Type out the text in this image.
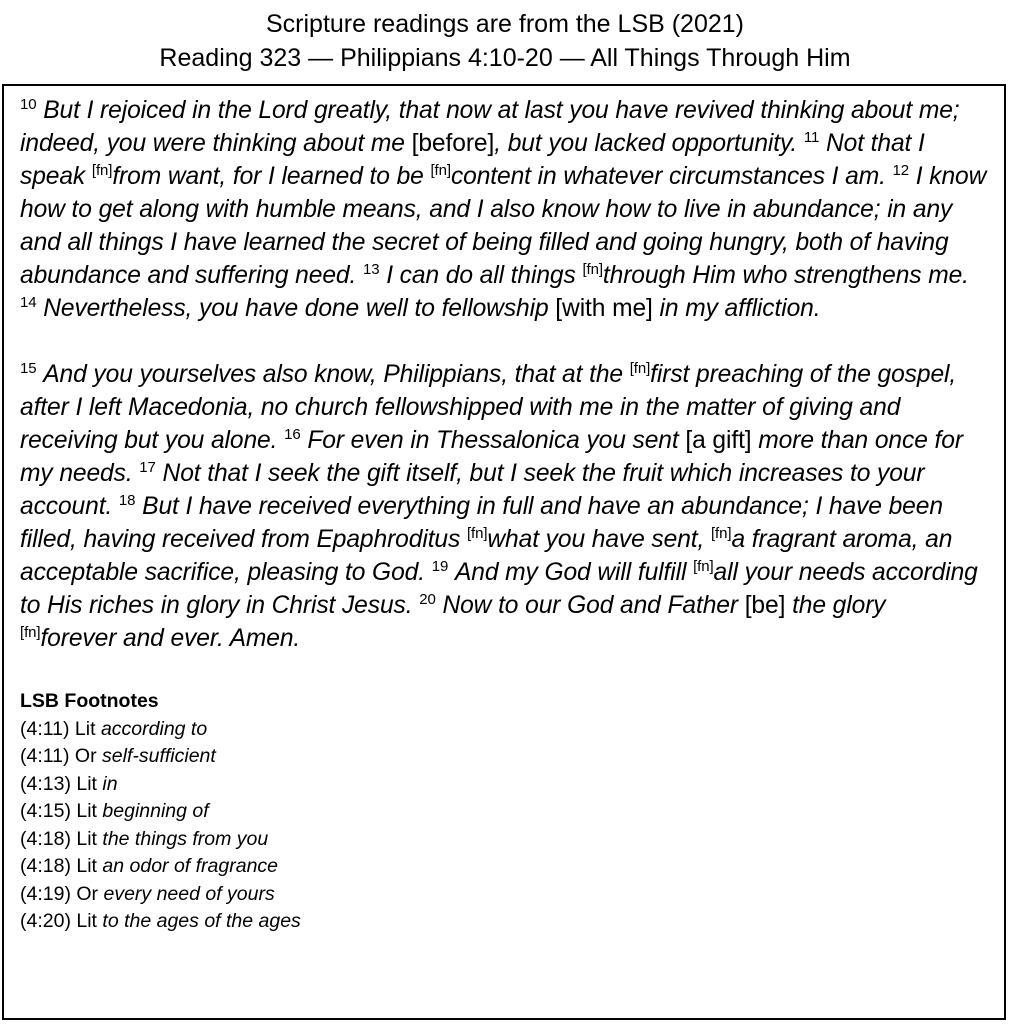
Scripture readings are from the LSB (2021)
Reading 323 — Philippians 4:10-20 — All Things Through Him

$^{10}$ But I rejoiced in the Lord greatly, that now at last you have revived thinking about me; indeed, you were thinking about me [before], but you lacked opportunity. $^{11}$ Not that I speak [fn]from want, for I learned to be [fn]content in whatever circumstances I am. $^{12}$ I know how to get along with humble means, and I also know how to live in abundance; in any and all things I have learned the secret of being filled and going hungry, both of having abundance and suffering need. $^{13}$ I can do all things [fn]through Him who strengthens me. $^{14}$ Nevertheless, you have done well to fellowship [with me] in my affliction.

$^{15}$ And you yourselves also know, Philippians, that at the [fn]first preaching of the gospel, after I left Macedonia, no church fellowshipped with me in the matter of giving and receiving but you alone. $^{16}$ For even in Thessalonica you sent [a gift] more than once for my needs. $^{17}$ Not that I seek the gift itself, but I seek the fruit which increases to your account. $^{18}$ But I have received everything in full and have an abundance; I have been filled, having received from Epaphroditus [fn]what you have sent, [fn]a fragrant aroma, an acceptable sacrifice, pleasing to God. $^{19}$ And my God will fulfill [fn]all your needs according to His riches in glory in Christ Jesus. $^{20}$ Now to our God and Father [be] the glory [fn]forever and ever. Amen.

LSB Footnotes
(4:11) Lit according to
(4:11) Or self-sufficient
(4:13) Lit in
(4:15) Lit beginning of
(4:18) Lit the things from you
(4:18) Lit an odor of fragrance
(4:19) Or every need of yours
(4:20) Lit to the ages of the ages
